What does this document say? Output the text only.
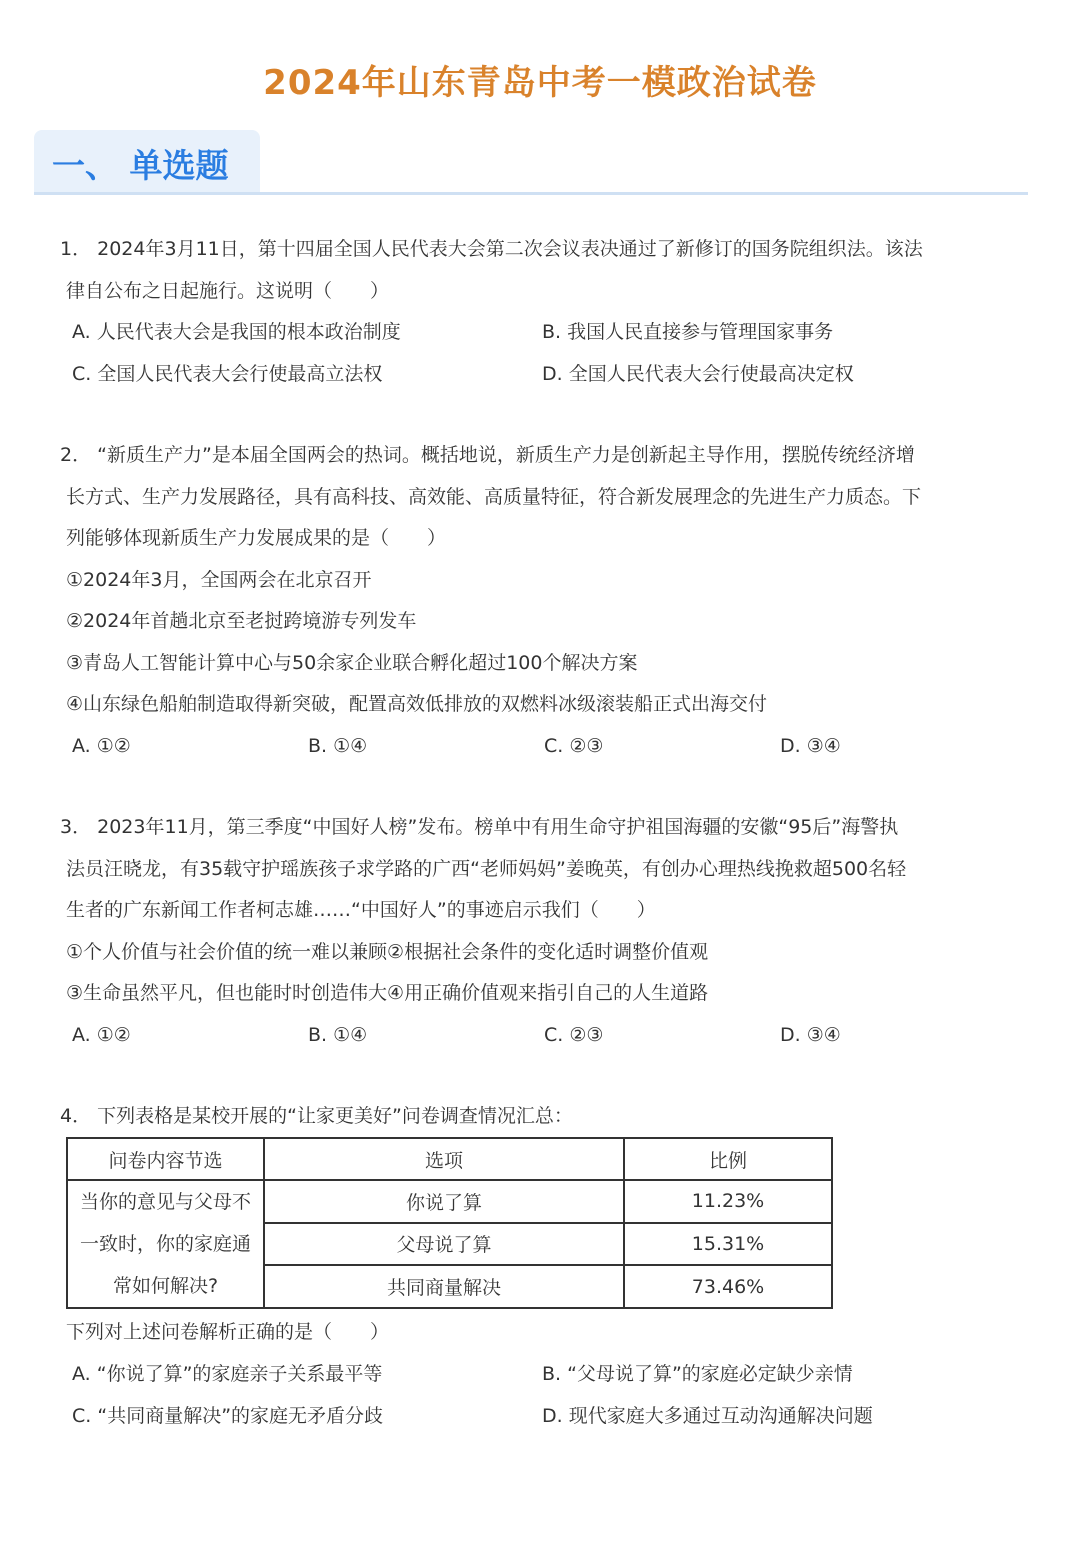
2024年山东青岛中考一模政治试卷
一、 单选题
1． 2024年3月11日，第十四届全国人民代表大会第二次会议表决通过了新修订的国务院组织法。该法
律自公布之日起施行。这说明（　　）
A. 人民代表大会是我国的根本政治制度	B. 我国人民直接参与管理国家事务
C. 全国人民代表大会行使最高立法权	D. 全国人民代表大会行使最高决定权
2． “新质生产力”是本届全国两会的热词。概括地说，新质生产力是创新起主导作用，摆脱传统经济增
长方式、生产力发展路径，具有高科技、高效能、高质量特征，符合新发展理念的先进生产力质态。下
列能够体现新质生产力发展成果的是（　　）
①2024年3月，全国两会在北京召开
②2024年首趟北京至老挝跨境游专列发车
③青岛人工智能计算中心与50余家企业联合孵化超过100个解决方案
④山东绿色船舶制造取得新突破，配置高效低排放的双燃料冰级滚装船正式出海交付
A. ①②	B. ①④	C. ②③	D. ③④
3． 2023年11月，第三季度“中国好人榜”发布。榜单中有用生命守护祖国海疆的安徽“95后”海警执
法员汪晓龙，有35载守护瑶族孩子求学路的广西“老师妈妈”姜晚英，有创办心理热线挽救超500名轻
生者的广东新闻工作者柯志雄……“中国好人”的事迹启示我们（　　）
①个人价值与社会价值的统一难以兼顾②根据社会条件的变化适时调整价值观
③生命虽然平凡，但也能时时创造伟大④用正确价值观来指引自己的人生道路
A. ①②	B. ①④	C. ②③	D. ③④
4． 下列表格是某校开展的“让家更美好”问卷调查情况汇总：
问卷内容节选	选项	比例

当你的意见与父母不
一致时，你的家庭通
常如何解决?	你说了算	11.23%
	父母说了算	15.31%
	共同商量解决	73.46%
下列对上述问卷解析正确的是（　　）
A. “你说了算”的家庭亲子关系最平等	B. “父母说了算”的家庭必定缺少亲情
C. “共同商量解决”的家庭无矛盾分歧	D. 现代家庭大多通过互动沟通解决问题
